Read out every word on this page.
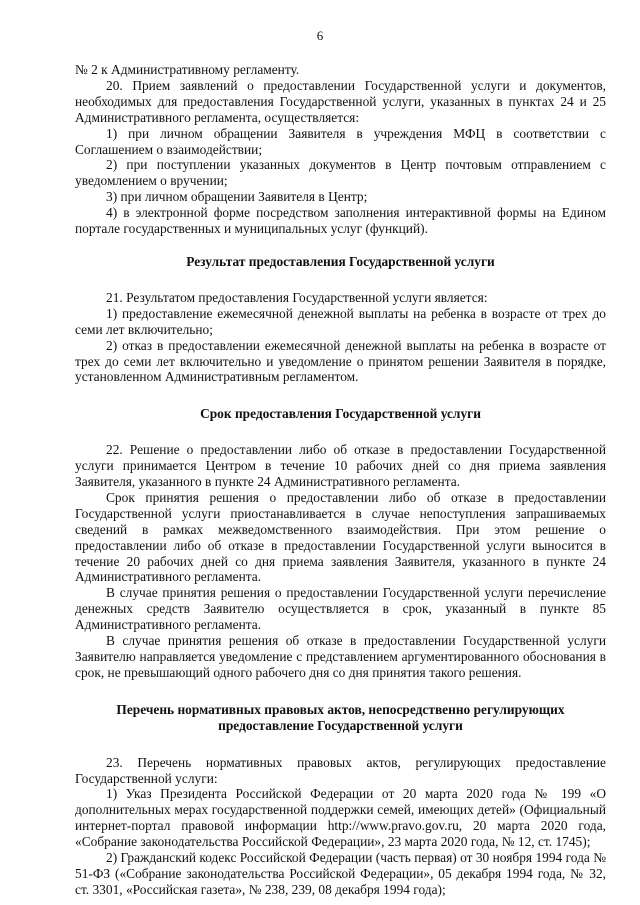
6

№ 2 к Административному регламенту.

20. Прием заявлений о предоставлении Государственной услуги и документов, необходимых для предоставления Государственной услуги, указанных в пунктах 24 и 25 Административного регламента, осуществляется:

1) при личном обращении Заявителя в учреждения МФЦ в соответствии с Соглашением о взаимодействии;

2) при поступлении указанных документов в Центр почтовым отправлением с уведомлением о вручении;

3) при личном обращении Заявителя в Центр;

4) в электронной форме посредством заполнения интерактивной формы на Едином портале государственных и муниципальных услуг (функций).

Результат предоставления Государственной услуги

21. Результатом предоставления Государственной услуги является:

1) предоставление ежемесячной денежной выплаты на ребенка в возрасте от трех до семи лет включительно;

2) отказ в предоставлении ежемесячной денежной выплаты на ребенка в возрасте от трех до семи лет включительно и уведомление о принятом решении Заявителя в порядке, установленном Административным регламентом.

Срок предоставления Государственной услуги

22. Решение о предоставлении либо об отказе в предоставлении Государственной услуги принимается Центром в течение 10 рабочих дней со дня приема заявления Заявителя, указанного в пункте 24 Административного регламента.

Срок принятия решения о предоставлении либо об отказе в предоставлении Государственной услуги приостанавливается в случае непоступления запрашиваемых сведений в рамках межведомственного взаимодействия. При этом решение о предоставлении либо об отказе в предоставлении Государственной услуги выносится в течение 20 рабочих дней со дня приема заявления Заявителя, указанного в пункте 24 Административного регламента.

В случае принятия решения о предоставлении Государственной услуги перечисление денежных средств Заявителю осуществляется в срок, указанный в пункте 85 Административного регламента.

В случае принятия решения об отказе в предоставлении Государственной услуги Заявителю направляется уведомление с представлением аргументированного обоснования в срок, не превышающий одного рабочего дня со дня принятия такого решения.

Перечень нормативных правовых актов, непосредственно регулирующих
предоставление Государственной услуги

23. Перечень нормативных правовых актов, регулирующих предоставление Государственной услуги:

1) Указ Президента Российской Федерации от 20 марта 2020 года № 199 «О дополнительных мерах государственной поддержки семей, имеющих детей» (Официальный интернет-портал правовой информации http://www.pravo.gov.ru, 20 марта 2020 года, «Собрание законодательства Российской Федерации», 23 марта 2020 года, № 12, ст. 1745);

2) Гражданский кодекс Российской Федерации (часть первая) от 30 ноября 1994 года № 51-ФЗ («Собрание законодательства Российской Федерации», 05 декабря 1994 года, № 32, ст. 3301, «Российская газета», № 238, 239, 08 декабря 1994 года);
